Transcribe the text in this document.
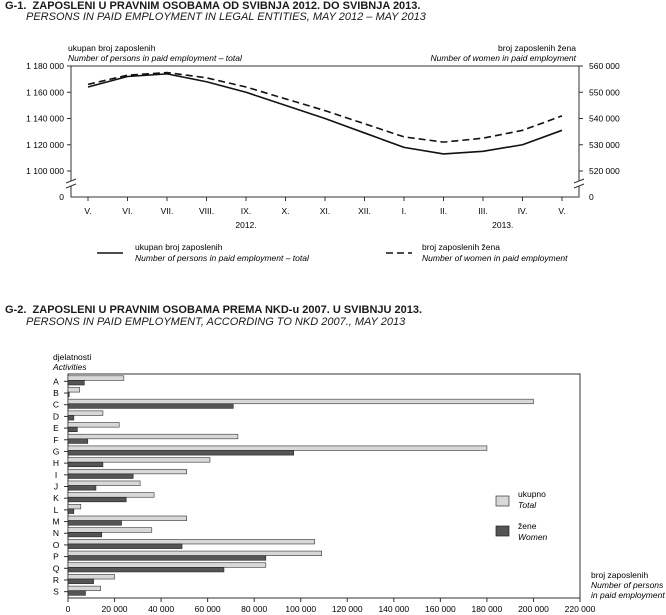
G-1. ZAPOSLENI U PRAVNIM OSOBAMA OD SVIBNJA 2012. DO SVIBNJA 2013.
PERSONS IN PAID EMPLOYMENT IN LEGAL ENTITIES, MAY 2012 – MAY 2013
G-2. ZAPOSLENI U PRAVNIM OSOBAMA PREMA NKD-u 2007. U SVIBNJU 2013.
PERSONS IN PAID EMPLOYMENT, ACCORDING TO NKD 2007., MAY 2013
1 180 000
1 160 000
1 140 000
1 120 000
1 100 000
0
560 000
550 000
540 000
530 000
520 000
0
V.	VI.	VII.	VIII.	IX.	X.	XI.	XII.	I.	II.	III.	IV.	V.
2012.	2013.
ukupan broj zaposlenih
Number of persons in paid employment – total
broj zaposlenih žena
Number of women in paid employment
ukupan broj zaposlenih
Number of persons in paid employment – total
broj zaposlenih žena
Number of women in paid employment
0	20 000 40 000 60 000 80 000 100 000 120 000 140 000 160 000 180 000 200 000 220 000
djelatnosti
Activities
broj zaposlenih
Number of persons
in paid employment
A
B
C
D
E
F
G
H
I
J
K
L
M
N
O
P
Q
R
S
ukupno
Total
žene
Women
